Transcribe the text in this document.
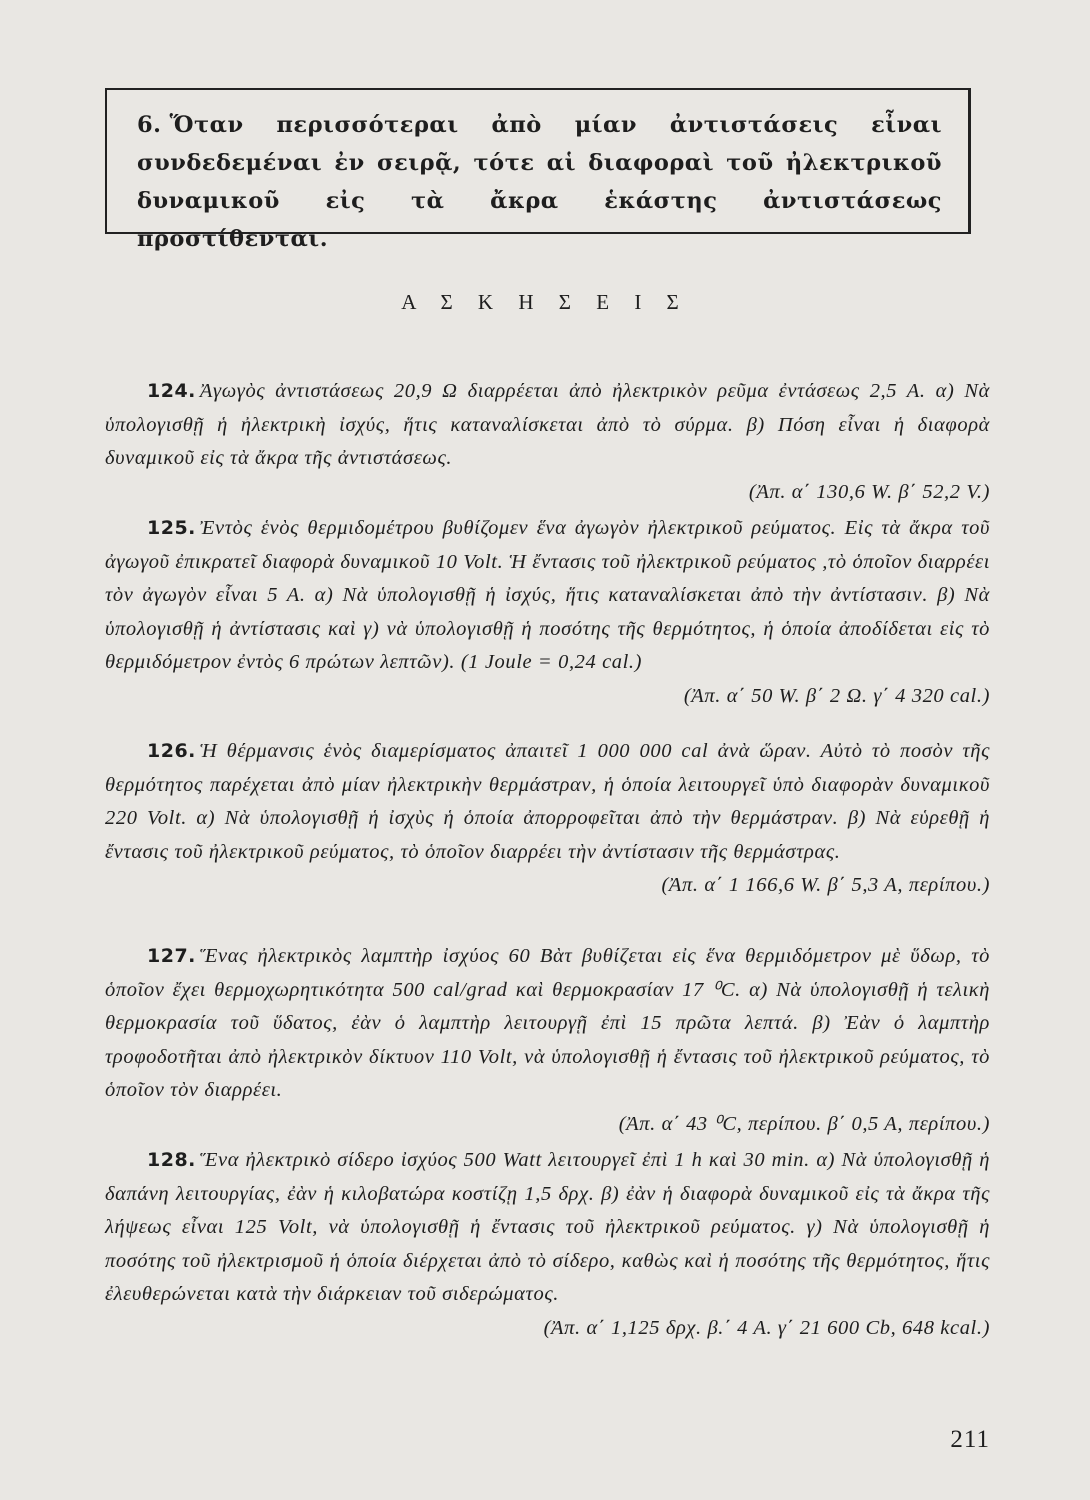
6. Ὅταν περισσότεραι ἀπὸ μίαν ἀντιστάσεις εἶναι συνδεδεμέναι ἐν σειρᾷ, τότε αἱ διαφοραὶ τοῦ ἠλεκτρικοῦ δυναμικοῦ εἰς τὰ ἄκρα ἑκάστης ἀντιστάσεως προστίθενται.
Α Σ Κ Η Σ Ε Ι Σ
124. Ἀγωγὸς ἀντιστάσεως 20,9 Ω διαρρέεται ἀπὸ ἠλεκτρικὸν ρεῦμα ἐντάσεως 2,5 Α. α) Νὰ ὑπολογισθῇ ἡ ἠλεκτρικὴ ἰσχύς, ἥτις καταναλίσκεται ἀπὸ τὸ σύρμα. β) Πόση εἶναι ἡ διαφορὰ δυναμικοῦ εἰς τὰ ἄκρα τῆς ἀντιστάσεως.
(Ἀπ. α΄ 130,6 W. β΄ 52,2 V.)
125. Ἐντὸς ἑνὸς θερμιδομέτρου βυθίζομεν ἕνα ἀγωγὸν ἠλεκτρικοῦ ρεύματος. Εἰς τὰ ἄκρα τοῦ ἀγωγοῦ ἐπικρατεῖ διαφορὰ δυναμικοῦ 10 Volt. Ἡ ἔντασις τοῦ ἠλεκτρικοῦ ρεύματος ,τὸ ὁποῖον διαρρέει τὸν ἀγωγὸν εἶναι 5 Α. α) Νὰ ὑπολογισθῇ ἡ ἰσχύς, ἥτις καταναλίσκεται ἀπὸ τὴν ἀντίστασιν. β) Νὰ ὑπολογισθῇ ἡ ἀντίστασις καὶ γ) νὰ ὑπολογισθῇ ἡ ποσότης τῆς θερμότητος, ἡ ὁποία ἀποδίδεται εἰς τὸ θερμιδόμετρον ἐντὸς 6 πρώτων λεπτῶν). (1 Joule = 0,24 cal.)
(Ἀπ. α΄ 50 W. β΄ 2 Ω. γ΄ 4 320 cal.)
126. Ἡ θέρμανσις ἑνὸς διαμερίσματος ἀπαιτεῖ 1 000 000 cal ἀνὰ ὥραν. Αὐτὸ τὸ ποσὸν τῆς θερμότητος παρέχεται ἀπὸ μίαν ἠλεκτρικὴν θερμάστραν, ἡ ὁποία λειτουργεῖ ὑπὸ διαφορὰν δυναμικοῦ 220 Volt. α) Νὰ ὑπολογισθῇ ἡ ἰσχὺς ἡ ὁποία ἀπορροφεῖται ἀπὸ τὴν θερμάστραν. β) Νὰ εὑρεθῇ ἡ ἔντασις τοῦ ἠλεκτρικοῦ ρεύματος, τὸ ὁποῖον διαρρέει τὴν ἀντίστασιν τῆς θερμάστρας.
(Ἀπ. α΄ 1 166,6 W. β΄ 5,3 Α, περίπου.)
127. Ἕνας ἠλεκτρικὸς λαμπτὴρ ἰσχύος 60 Βὰτ βυθίζεται εἰς ἕνα θερμιδόμετρον μὲ ὕδωρ, τὸ ὁποῖον ἔχει θερμοχωρητικότητα 500 cal/grad καὶ θερμοκρασίαν 17 ⁰C. α) Νὰ ὑπολογισθῇ ἡ τελικὴ θερμοκρασία τοῦ ὕδατος, ἐὰν ὁ λαμπτὴρ λειτουργῇ ἐπὶ 15 πρῶτα λεπτά. β) Ἐὰν ὁ λαμπτὴρ τροφοδοτῆται ἀπὸ ἠλεκτρικὸν δίκτυον 110 Volt, νὰ ὑπολογισθῇ ἡ ἔντασις τοῦ ἠλεκτρικοῦ ρεύματος, τὸ ὁποῖον τὸν διαρρέει.
(Ἀπ. α΄ 43 ⁰C, περίπου. β΄ 0,5 Α, περίπου.)
128. Ἕνα ἠλεκτρικὸ σίδερο ἰσχύος 500 Watt λειτουργεῖ ἐπὶ 1 h καὶ 30 min. α) Νὰ ὑπολογισθῇ ἡ δαπάνη λειτουργίας, ἐὰν ἡ κιλοβατώρα κοστίζῃ 1,5 δρχ. β) ἐὰν ἡ διαφορὰ δυναμικοῦ εἰς τὰ ἄκρα τῆς λήψεως εἶναι 125 Volt, νὰ ὑπολογισθῇ ἡ ἔντασις τοῦ ἠλεκτρικοῦ ρεύματος. γ) Νὰ ὑπολογισθῇ ἡ ποσότης τοῦ ἠλεκτρισμοῦ ἡ ὁποία διέρχεται ἀπὸ τὸ σίδερο, καθὼς καὶ ἡ ποσότης τῆς θερμότητος, ἥτις ἐλευθερώνεται κατὰ τὴν διάρκειαν τοῦ σιδερώματος.
(Ἀπ. α΄ 1,125 δρχ. β.΄ 4 Α. γ΄ 21 600 Cb, 648 kcal.)
211
